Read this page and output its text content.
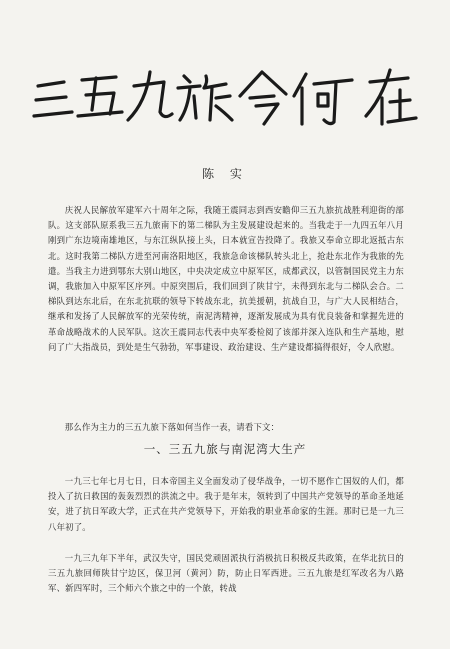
陈 实

庆祝人民解放军建军六十周年之际，我随王震同志到西安瞻仰三五九旅抗战胜利迎街的部队。这支部队原系我三五九旅南下的第二梯队为主发展建设起来的。当我走于一九四五年八月刚到广东边境南雄地区，与东江纵队接上头，日本就宣告投降了。我旅又奉命立即北返抵古东北。这时我第二梯队方进至河南洛阳地区，我旅急命该梯队转头北上，抢赴东北作为我旅的先遣。当我主力进到鄂东大别山地区，中央决定成立中原军区，成都武汉，以管制国民党主力东调，我旅加入中原军区序列。中原突围后，我们回到了陕甘宁，未得到东北与二梯队会合。二梯队到达东北后，在东北抗联的领导下转战东北，抗美援朝，抗战自卫，与广大人民相结合，继承和发扬了人民解放军的光荣传统，南泥湾精神，逐渐发展成为具有优良装备和掌握先进的革命战略战术的人民军队。这次王震同志代表中央军委检阅了该部并深入连队和生产基地，慰问了广大指战员，到处是生气勃勃，军事建设、政治建设、生产建设都搞得很好，令人欣慰。

那么作为主力的三五九旅下落如何当作一表，请看下文：

一、三五九旅与南泥湾大生产

一九三七年七月七日，日本帝国主义全面发动了侵华战争，一切不愿作亡国奴的人们，都投入了抗日救国的轰轰烈烈的洪流之中。我于是年末，领转到了中国共产党领导的革命圣地延安，进了抗日军政大学，正式在共产党领导下，开始我的职业革命家的生涯。那时已是一九三八年初了。

一九三九年下半年，武汉失守，国民党顽固派执行消极抗日积极反共政策，在华北抗日的三五九旅回师陕甘宁边区，保卫河（黄河）防，防止日军西进。三五九旅是红军改名为八路军、新四军时，三个师六个旅之中的一个旅，转战
